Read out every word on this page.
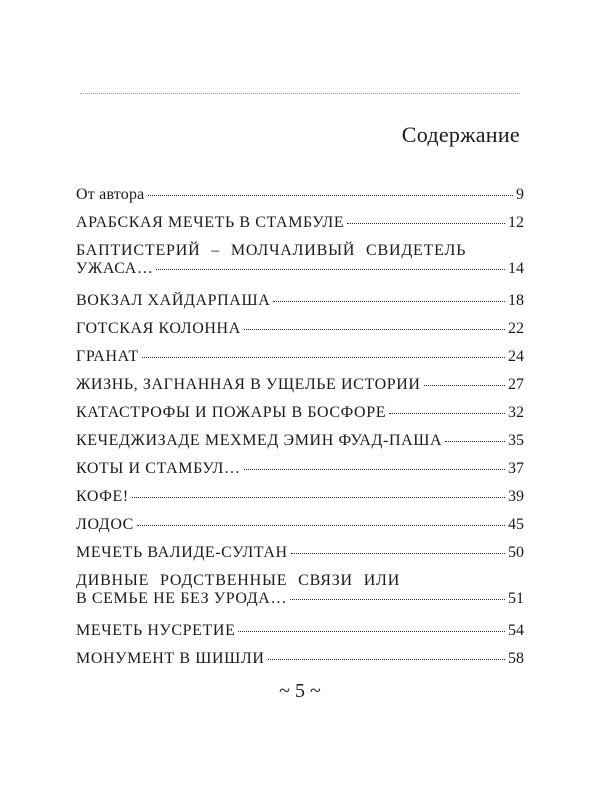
Содержание
От автора	9
АРАБСКАЯ МЕЧЕТЬ В СТАМБУЛЕ	12
БАПТИСТЕРИЙ – МОЛЧАЛИВЫЙ СВИДЕТЕЛЬ
УЖАСА…	14
ВОКЗАЛ ХАЙДАРПАША	18
ГОТСКАЯ КОЛОННА	22
ГРАНАТ	24
ЖИЗНЬ, ЗАГНАННАЯ В УЩЕЛЬЕ ИСТОРИИ	27
КАТАСТРОФЫ И ПОЖАРЫ В БОСФОРЕ	32
КЕЧЕДЖИЗАДЕ МЕХМЕД ЭМИН ФУАД-ПАША	35
КОТЫ И СТАМБУЛ…	37
КОФЕ!	39
ЛОДОС	45
МЕЧЕТЬ ВАЛИДЕ-СУЛТАН	50
ДИВНЫЕ РОДСТВЕННЫЕ СВЯЗИ ИЛИ
В СЕМЬЕ НЕ БЕЗ УРОДА…	51
МЕЧЕТЬ НУСРЕТИЕ	54
МОНУМЕНТ В ШИШЛИ	58
~ 5 ~
